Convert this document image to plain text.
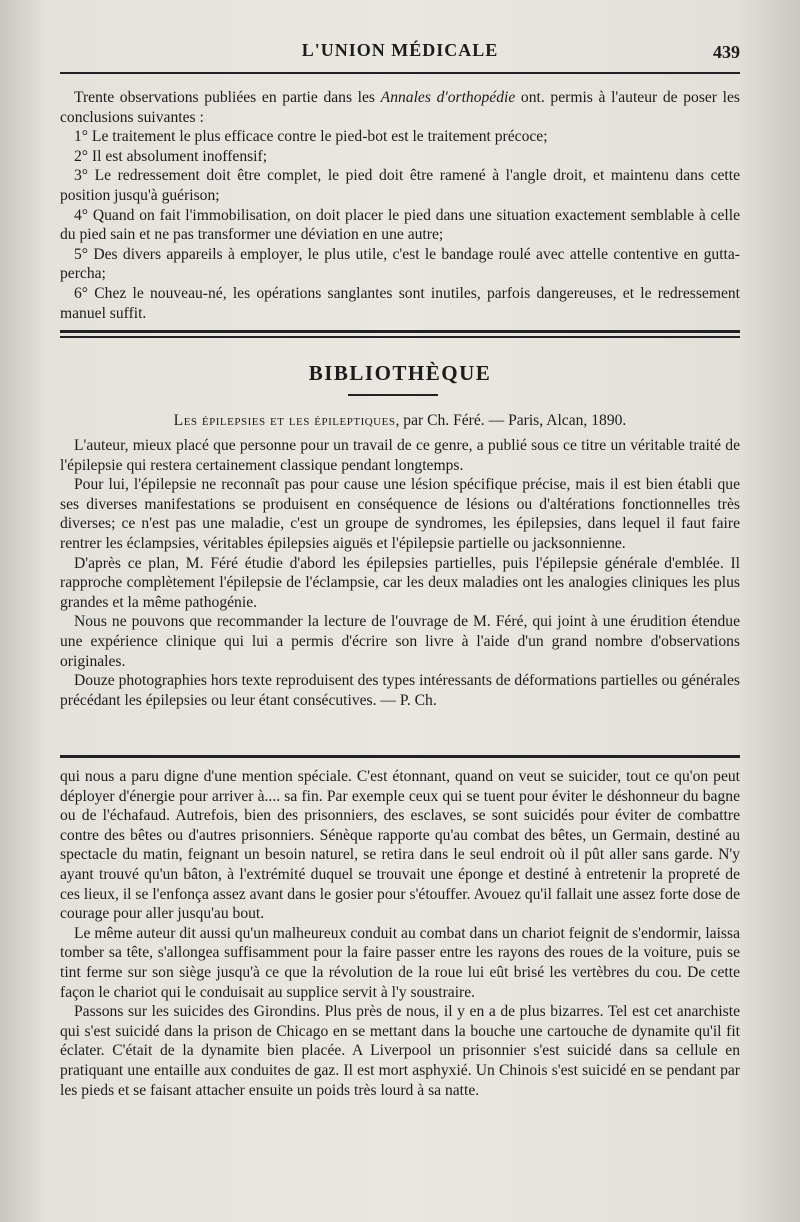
L'UNION MÉDICALE	439

Trente observations publiées en partie dans les Annales d'orthopédie ont. permis à l'auteur de poser les conclusions suivantes :

1° Le traitement le plus efficace contre le pied-bot est le traitement précoce;

2° Il est absolument inoffensif;

3° Le redressement doit être complet, le pied doit être ramené à l'angle droit, et maintenu dans cette position jusqu'à guérison;

4° Quand on fait l'immobilisation, on doit placer le pied dans une situation exactement semblable à celle du pied sain et ne pas transformer une déviation en une autre;

5° Des divers appareils à employer, le plus utile, c'est le bandage roulé avec attelle contentive en gutta-percha;

6° Chez le nouveau-né, les opérations sanglantes sont inutiles, parfois dangereuses, et le redressement manuel suffit.

BIBLIOTHÈQUE
Les épilepsies et les épileptiques, par Ch. Féré. — Paris, Alcan, 1890.

L'auteur, mieux placé que personne pour un travail de ce genre, a publié sous ce titre un véritable traité de l'épilepsie qui restera certainement classique pendant longtemps.

Pour lui, l'épilepsie ne reconnaît pas pour cause une lésion spécifique précise, mais il est bien établi que ses diverses manifestations se produisent en conséquence de lésions ou d'altérations fonctionnelles très diverses; ce n'est pas une maladie, c'est un groupe de syndromes, les épilepsies, dans lequel il faut faire rentrer les éclampsies, véritables épilepsies aiguës et l'épilepsie partielle ou jacksonnienne.

D'après ce plan, M. Féré étudie d'abord les épilepsies partielles, puis l'épilepsie générale d'emblée. Il rapproche complètement l'épilepsie de l'éclampsie, car les deux maladies ont les analogies cliniques les plus grandes et la même pathogénie.

Nous ne pouvons que recommander la lecture de l'ouvrage de M. Féré, qui joint à une érudition étendue une expérience clinique qui lui a permis d'écrire son livre à l'aide d'un grand nombre d'observations originales.

Douze photographies hors texte reproduisent des types intéressants de déformations partielles ou générales précédant les épilepsies ou leur étant consécutives. — P. Ch.

qui nous a paru digne d'une mention spéciale. C'est étonnant, quand on veut se suicider, tout ce qu'on peut déployer d'énergie pour arriver à.... sa fin. Par exemple ceux qui se tuent pour éviter le déshonneur du bagne ou de l'échafaud. Autrefois, bien des prisonniers, des esclaves, se sont suicidés pour éviter de combattre contre des bêtes ou d'autres prisonniers. Sénèque rapporte qu'au combat des bêtes, un Germain, destiné au spectacle du matin, feignant un besoin naturel, se retira dans le seul endroit où il pût aller sans garde. N'y ayant trouvé qu'un bâton, à l'extrémité duquel se trouvait une éponge et destiné à entretenir la propreté de ces lieux, il se l'enfonça assez avant dans le gosier pour s'étouffer. Avouez qu'il fallait une assez forte dose de courage pour aller jusqu'au bout.

Le même auteur dit aussi qu'un malheureux conduit au combat dans un chariot feignit de s'endormir, laissa tomber sa tête, s'allongea suffisamment pour la faire passer entre les rayons des roues de la voiture, puis se tint ferme sur son siège jusqu'à ce que la révolution de la roue lui eût brisé les vertèbres du cou. De cette façon le chariot qui le conduisait au supplice servit à l'y soustraire.

Passons sur les suicides des Girondins. Plus près de nous, il y en a de plus bizarres. Tel est cet anarchiste qui s'est suicidé dans la prison de Chicago en se mettant dans la bouche une cartouche de dynamite qu'il fit éclater. C'était de la dynamite bien placée. A Liverpool un prisonnier s'est suicidé dans sa cellule en pratiquant une entaille aux conduites de gaz. Il est mort asphyxié. Un Chinois s'est suicidé en se pendant par les pieds et se faisant attacher ensuite un poids très lourd à sa natte.
